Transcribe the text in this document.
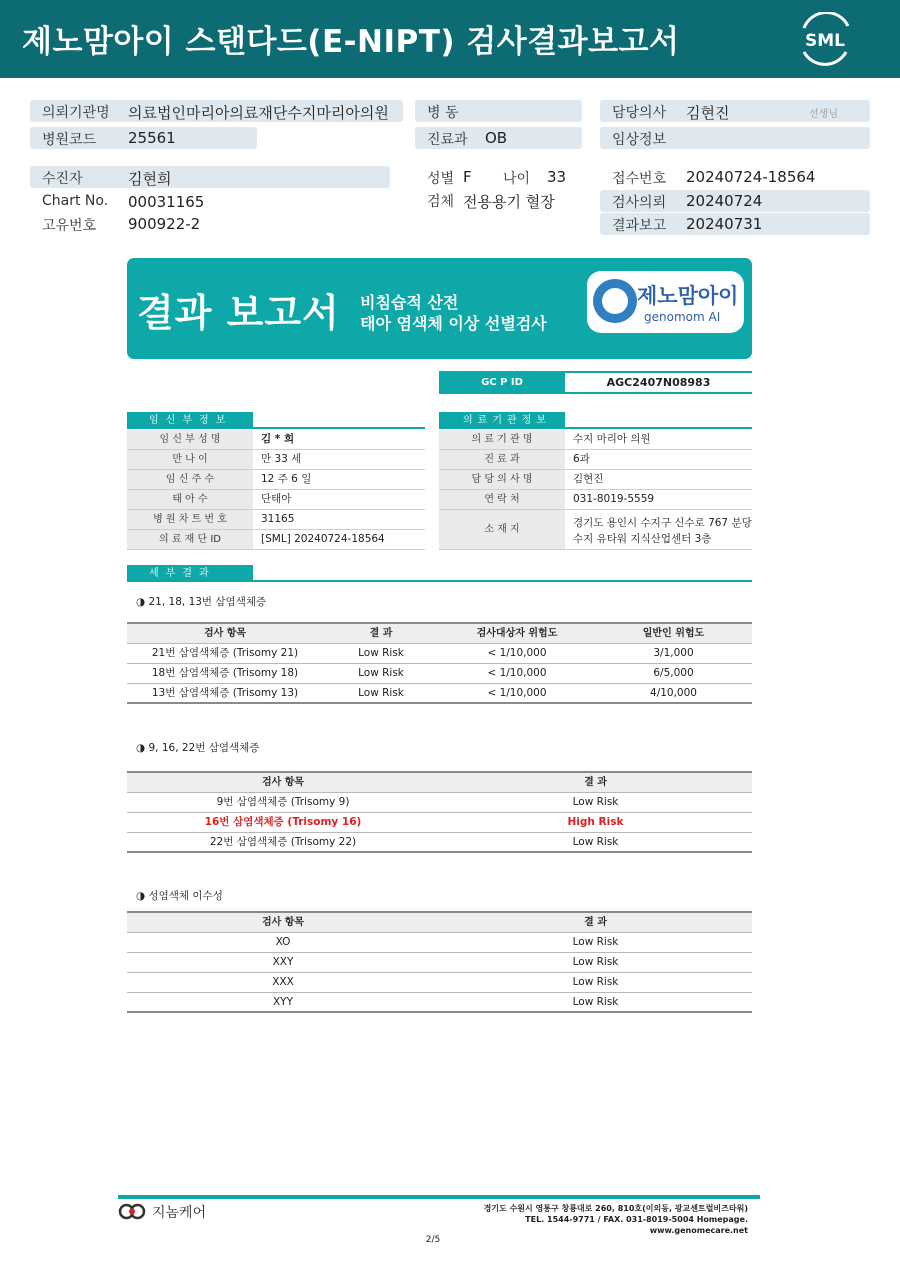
제노맘아이 스탠다드(E-NIPT) 검사결과보고서	SML
의뢰기관명 의료법인마리아의료재단수지마리아의원
병원코드 25561
수진자	김현희
Chart No. 00031165
고유번호 900922-2
병 동
진료과 OB
성별 F 나이 33
검체 전용용기 혈장
담당의사 김현진	선생님
임상정보
접수번호 20240724-18564
검사의뢰 20240724
결과보고 20240731
결과 보고서 비침습적 산전
태아 염색체 이상 선별검사
제노맘아이
genomom AI
GC P ID	AGC2407N08983
임신부정보	의료기관정보
임 신 부 성 명	김 * 희
만 나 이	만 33 세
임 신 주 수	12 주 6 일
태 아 수	단태아
병 원 차 트 번 호	31165
의 료 재 단 ID	[SML] 20240724-18564
의 료 기 관 명	수지 마리아 의원
진 료 과	6과
담 당 의 사 명	김현진
연 락 처	031-8019-5559
소 재 지
경기도 용인시 수지구 신수로 767 분당
수지 유타워 지식산업센터 3층
세부결과
◑ 21, 18, 13번 삼염색체증
검사 항목	결 과	검사대상자 위험도	일반인 위험도
21번 삼염색체증 (Trisomy 21)	Low Risk	< 1/10,000	3/1,000
18번 삼염색체증 (Trisomy 18)	Low Risk	< 1/10,000	6/5,000
13번 삼염색체증 (Trisomy 13)	Low Risk	< 1/10,000	4/10,000
◑ 9, 16, 22번 삼염색체증
검사 항목	결 과
9번 삼염색체증 (Trisomy 9)	Low Risk
16번 삼염색체증 (Trisomy 16)	High Risk
22번 삼염색체증 (Trisomy 22)	Low Risk
◑ 성염색체 이수성
검사 항목	결 과
XO	Low Risk
XXY	Low Risk
XXX	Low Risk
XYY	Low Risk
지놈케어	경기도 수원시 영통구 창룡대로 260, 810호(이의동, 광교센트럴비즈타워)
TEL. 1544-9771 / FAX. 031-8019-5004 Homepage. www.genomecare.net
2/5
